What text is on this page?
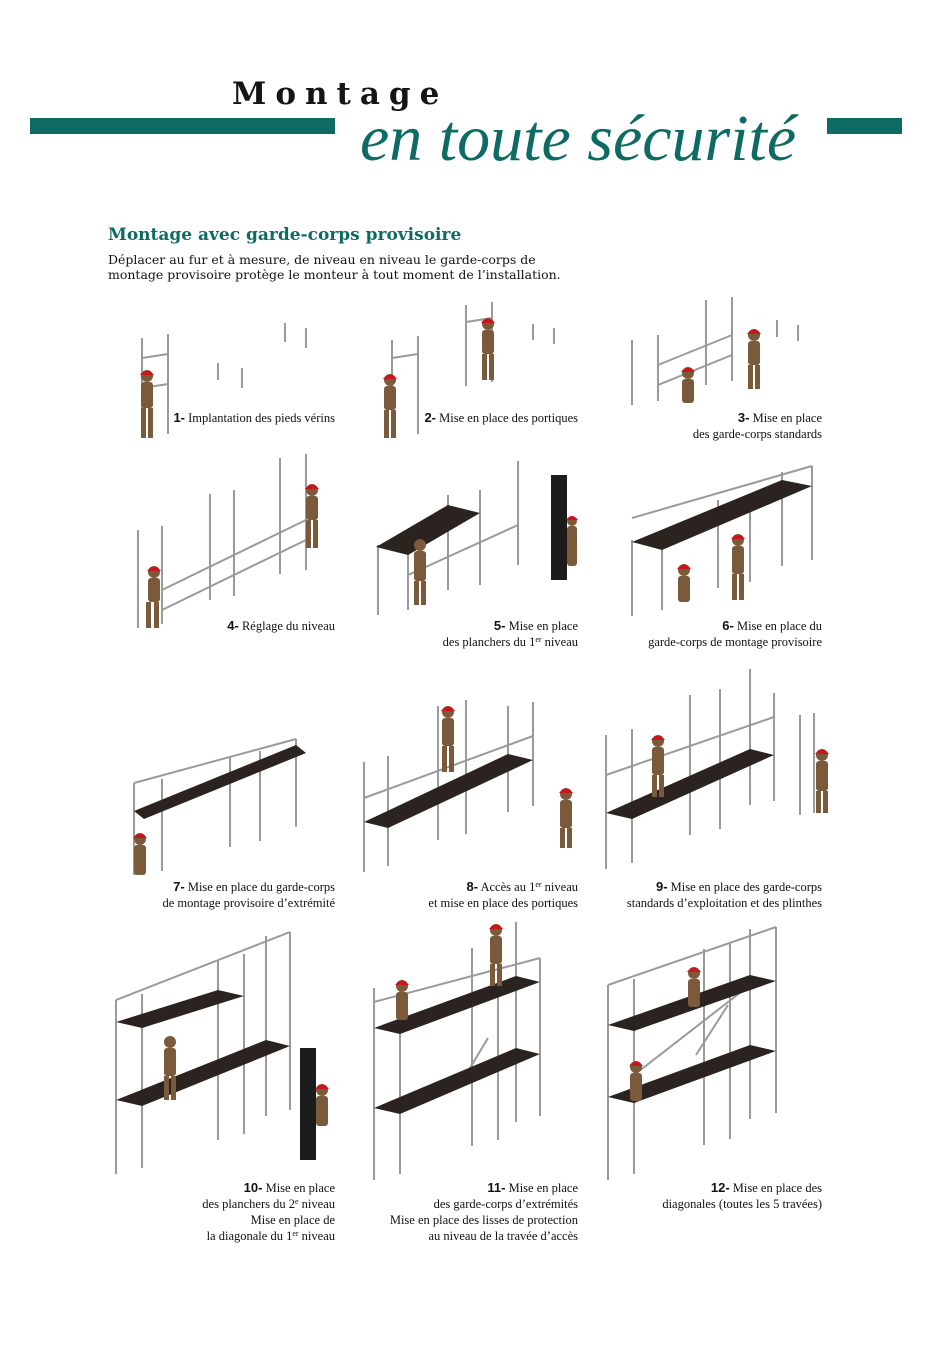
Montage
en toute sécurité
Montage avec garde-corps provisoire
Déplacer au fur et à mesure, de niveau en niveau le garde-corps de montage provisoire protège le monteur à tout moment de l’installation.
1- Implantation des pieds vérins	2- Mise en place des portiques	3- Mise en place
des garde-corps standards
4- Réglage du niveau	5- Mise en place
des planchers du 1er niveau
6- Mise en place du
garde-corps de montage provisoire
7- Mise en place du garde-corps
de montage provisoire d’extrémité
8- Accès au 1er niveau
et mise en place des portiques
9- Mise en place des garde-corps
standards d’exploitation et des plinthes
10- Mise en place
des planchers du 2e niveau
Mise en place de
la diagonale du 1er niveau
11- Mise en place
des garde-corps d’extrémités
Mise en place des lisses de protection
au niveau de la travée d’accès
12- Mise en place des
diagonales (toutes les 5 travées)
